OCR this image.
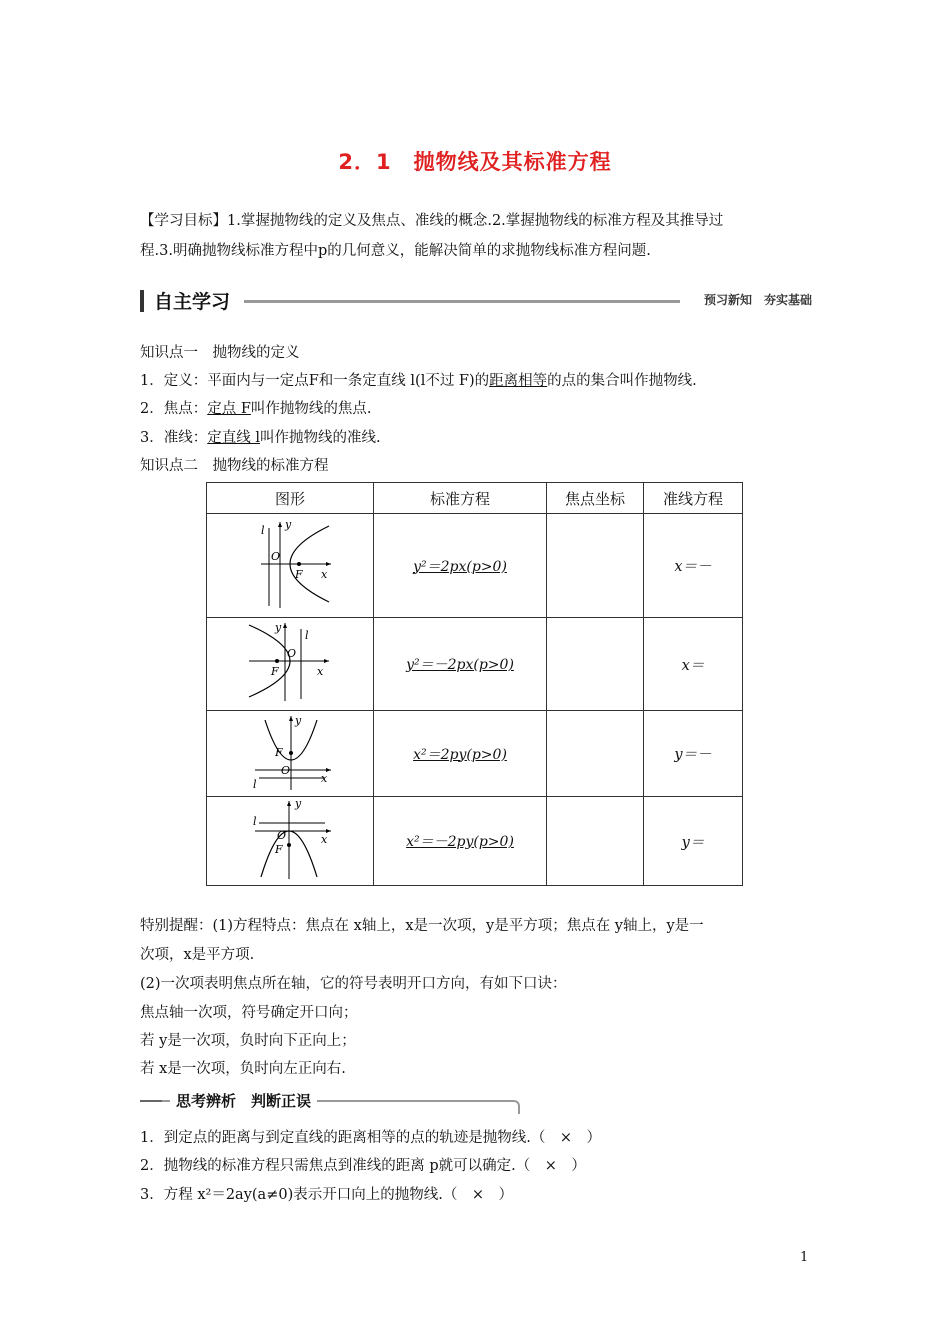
2．1　抛物线及其标准方程
【学习目标】1.掌握抛物线的定义及焦点、准线的概念.2.掌握抛物线的标准方程及其推导过
程.3.明确抛物线标准方程中p的几何意义，能解决简单的求抛物线标准方程问题.
自主学习	预习新知　夯实基础
知识点一　抛物线的定义
1．定义：平面内与一定点F和一条定直线 l(l不过 F)的距离相等的点的集合叫作抛物线.
2．焦点：定点 F叫作抛物线的焦点.
3．准线：定直线 l叫作抛物线的准线.
知识点二　抛物线的标准方程
图形	标准方程	焦点坐标	准线方程

y
l
O
F x	y²＝2px(p>0)		x＝－

y
l
O
F x	y²＝－2px(p>0)		x＝

y
F
O
l x	x²＝2py(p>0)		y＝－

y
l
O
F
x	x²＝－2py(p>0)		y＝
特别提醒：(1)方程特点：焦点在 x轴上，x是一次项，y是平方项；焦点在 y轴上，y是一
次项，x是平方项.
(2)一次项表明焦点所在轴，它的符号表明开口方向，有如下口诀：
焦点轴一次项，符号确定开口向；
若 y是一次项，负时向下正向上；
若 x是一次项，负时向左正向右.
思考辨析　判断正误
1．到定点的距离与到定直线的距离相等的点的轨迹是抛物线.（　×　）
2．抛物线的标准方程只需焦点到准线的距离 p就可以确定.（　×　）
3．方程 x²＝2ay(a≠0)表示开口向上的抛物线.（　×　）
1
